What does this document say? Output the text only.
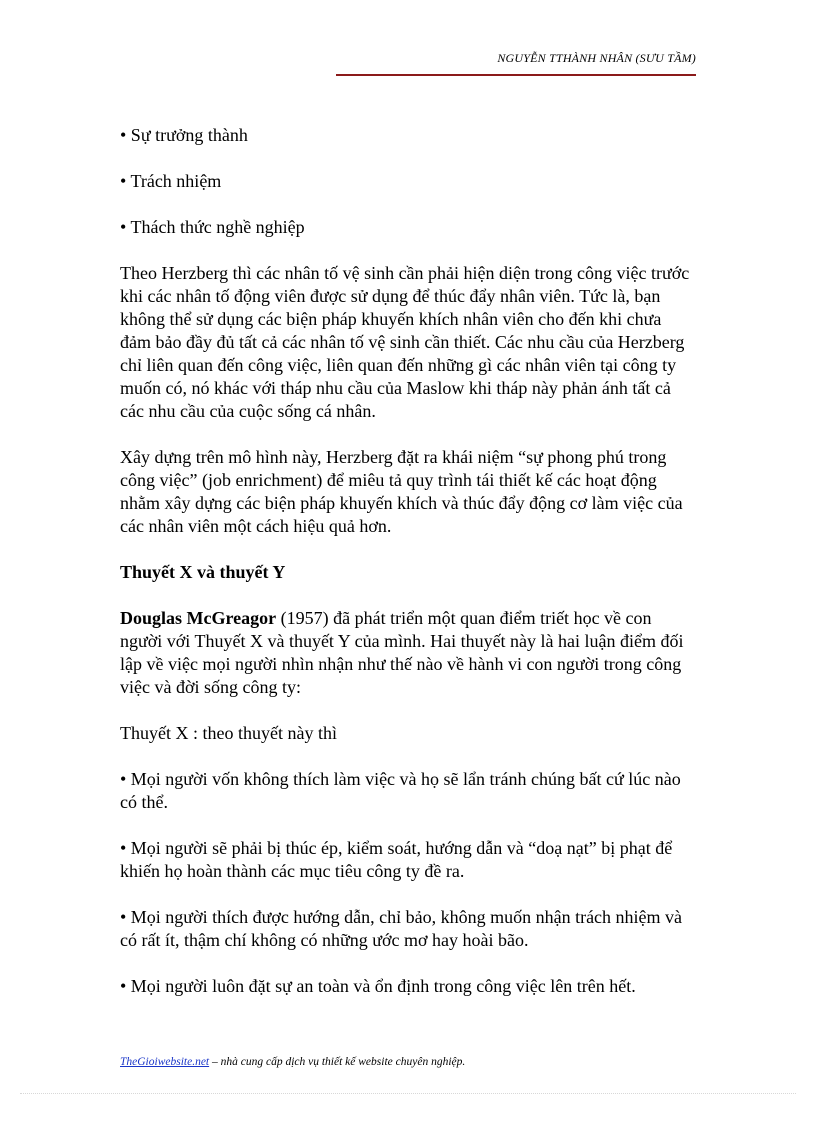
NGUYỄN TTHÀNH NHÂN (SƯU TẦM)

• Sự trưởng thành

• Trách nhiệm

• Thách thức nghề nghiệp

Theo Herzberg thì các nhân tố vệ sinh cần phải hiện diện trong công việc trước khi các nhân tố động viên được sử dụng để thúc đẩy nhân viên. Tức là, bạn không thể sử dụng các biện pháp khuyến khích nhân viên cho đến khi chưa đảm bảo đầy đủ tất cả các nhân tố vệ sinh cần thiết. Các nhu cầu của Herzberg chỉ liên quan đến công việc, liên quan đến những gì các nhân viên tại công ty muốn có, nó khác với tháp nhu cầu của Maslow khi tháp này phản ánh tất cả các nhu cầu của cuộc sống cá nhân.

Xây dựng trên mô hình này, Herzberg đặt ra khái niệm “sự phong phú trong công việc” (job enrichment) để miêu tả quy trình tái thiết kế các hoạt động nhằm xây dựng các biện pháp khuyến khích và thúc đẩy động cơ làm việc của các nhân viên một cách hiệu quả hơn.

Thuyết X và thuyết Y

Douglas McGreagor (1957) đã phát triển một quan điểm triết học về con người với Thuyết X và thuyết Y của mình. Hai thuyết này là hai luận điểm đối lập về việc mọi người nhìn nhận như thế nào về hành vi con người trong công việc và đời sống công ty:

Thuyết X : theo thuyết này thì

• Mọi người vốn không thích làm việc và họ sẽ lẩn tránh chúng bất cứ lúc nào có thể.

• Mọi người sẽ phải bị thúc ép, kiểm soát, hướng dẫn và “doạ nạt” bị phạt để khiến họ hoàn thành các mục tiêu công ty đề ra.

• Mọi người thích được hướng dẫn, chỉ bảo, không muốn nhận trách nhiệm và có rất ít, thậm chí không có những ước mơ hay hoài bão.

• Mọi người luôn đặt sự an toàn và ổn định trong công việc lên trên hết.

TheGioiwebsite.net – nhà cung cấp dịch vụ thiết kế website chuyên nghiệp.
